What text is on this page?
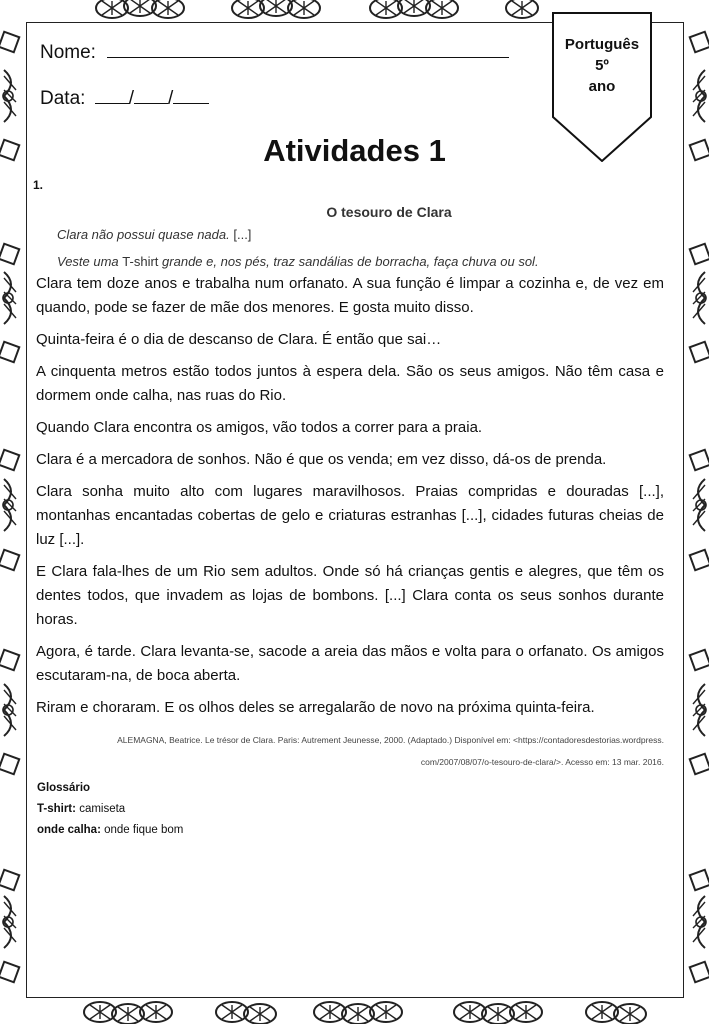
Nome:
Data: / /
Português
5º
ano
Atividades 1
1.
O tesouro de Clara
Clara não possui quase nada. [...]
Veste uma T-shirt grande e, nos pés, traz sandálias de borracha, faça chuva ou sol.

Clara tem doze anos e trabalha num orfanato. A sua função é limpar a cozinha e, de vez em quando, pode se fazer de mãe dos menores. E gosta muito disso.

Quinta-feira é o dia de descanso de Clara. É então que sai…

A cinquenta metros estão todos juntos à espera dela. São os seus amigos. Não têm casa e dormem onde calha, nas ruas do Rio.

Quando Clara encontra os amigos, vão todos a correr para a praia.

Clara é a mercadora de sonhos. Não é que os venda; em vez disso, dá-os de prenda.

Clara sonha muito alto com lugares maravilhosos. Praias compridas e douradas [...], montanhas encantadas cobertas de gelo e criaturas estranhas [...], cidades futuras cheias de luz [...].

E Clara fala-lhes de um Rio sem adultos. Onde só há crianças gentis e alegres, que têm os dentes todos, que invadem as lojas de bombons. [...] Clara conta os seus sonhos durante horas.

Agora, é tarde. Clara levanta-se, sacode a areia das mãos e volta para o orfanato. Os amigos escutaram-na, de boca aberta.

Riram e choraram. E os olhos deles se arregalarão de novo na próxima quinta-feira.

ALEMAGNA, Beatrice. Le trésor de Clara. Paris: Autrement Jeunesse, 2000. (Adaptado.) Disponível em: <https://contadoresdestorias.wordpress.
com/2007/08/07/o-tesouro-de-clara/>. Acesso em: 13 mar. 2016.
Glossário
T-shirt: camiseta
onde calha: onde fique bom
